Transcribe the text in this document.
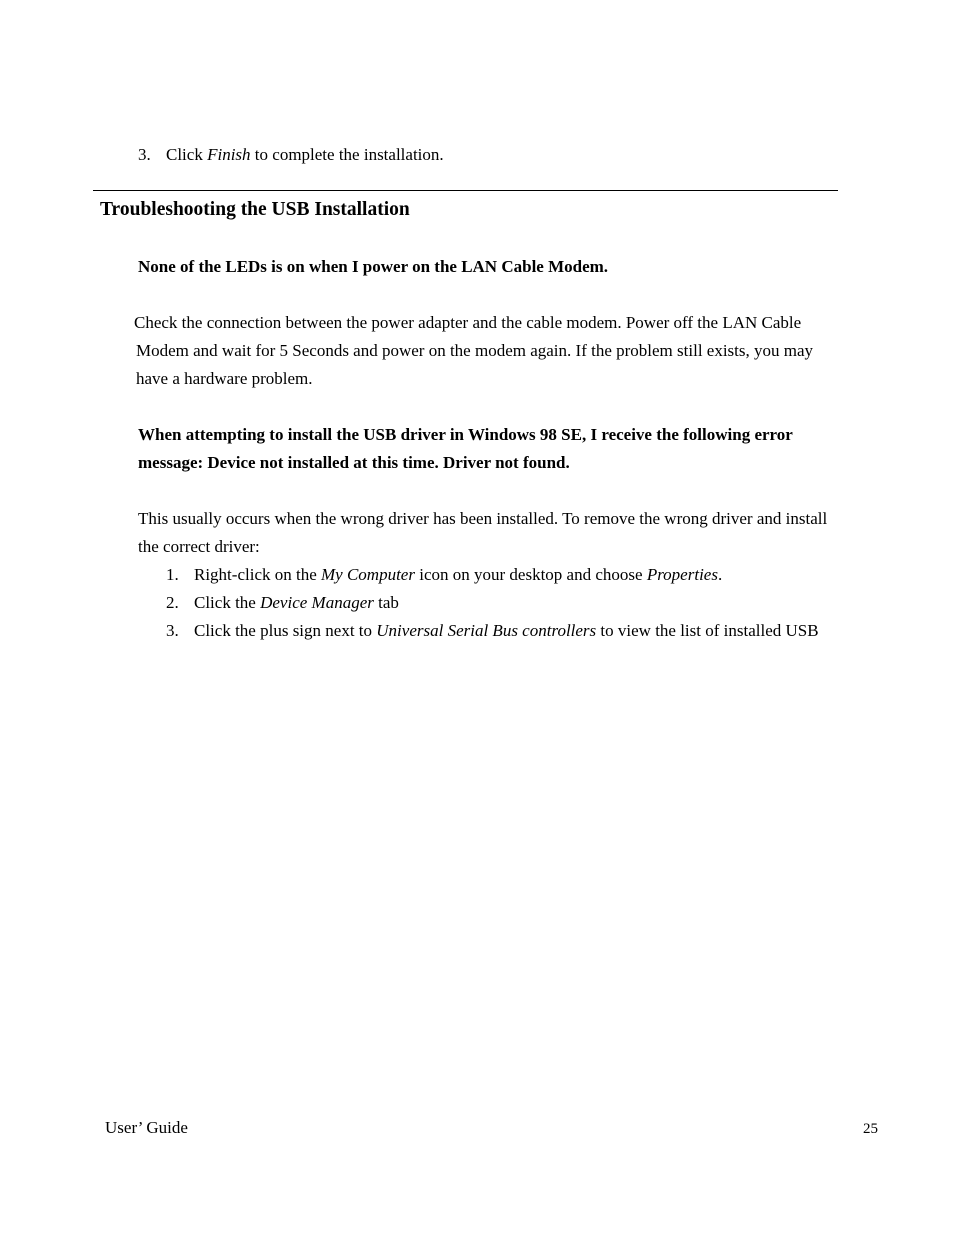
3. Click Finish to complete the installation.
Troubleshooting the USB Installation
None of the LEDs is on when I power on the LAN Cable Modem.
Check the connection between the power adapter and the cable modem. Power off the LAN Cable
Modem and wait for 5 Seconds and power on the modem again. If the problem still exists, you may
have a hardware problem.
When attempting to install the USB driver in Windows 98 SE, I receive the following error
message: Device not installed at this time. Driver not found.
This usually occurs when the wrong driver has been installed. To remove the wrong driver and install
the correct driver:
1. Right-click on the My Computer icon on your desktop and choose Properties.
2. Click the Device Manager tab
3. Click the plus sign next to Universal Serial Bus controllers to view the list of installed USB
User’ Guide	25
